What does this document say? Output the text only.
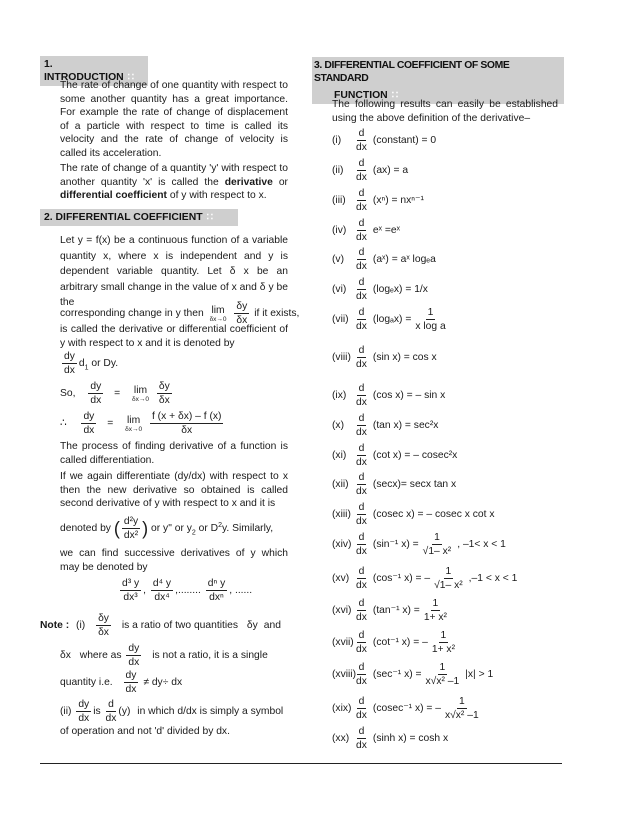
1. INTRODUCTION ∷
The rate of change of one quantity with respect to some another quantity has a great importance. For example the rate of change of displacement of a particle with respect to time is called its velocity and the rate of change of velocity is called its acceleration.
The rate of change of a quantity 'y' with respect to another quantity 'x' is called the derivative or differential coefficient of y with respect to x.
2. DIFFERENTIAL COEFFICIENT ∷
Let y = f(x) be a continuous function of a variable quantity x, where x is independent and y is dependent variable quantity. Let δ x be an arbitrary small change in the value of x and δ y be the
corresponding change in y then lim
δx→0
$\frac{\delta y}{\delta x}$ if it exists,
is called the derivative or differential coefficient of y with respect to x and it is denoted by
$\frac{dy}{dx} d_1$ or Dy.
So, $\frac{dy}{dx} = \lim$
δx→0
$\frac{\delta y}{\delta x}$
∴ $\frac{dy}{dx} = \lim$
δx→0
$\frac{f (x + \delta x) - f (x)}{\delta x}$
The process of finding derivative of a function is called differentiation.
If we again differentiate (dy/dx) with respect to x then the new derivative so obtained is called second derivative of y with respect to x and it is
denoted by ( $\frac{\text{d²y}}{\text{dx²}}$ ) or y" or $y_2$ or $D^2y$. Similarly,
we can find successive derivatives of y which may be denoted by
$\frac{\text{d³ y}}{\text{dx³}}$ , $\frac{\text{d⁴ y}}{\text{dx⁴}}$ ,........
dⁿ y
dxⁿ
, ......
Note : $(i) \frac{\delta y}{\delta x}$ is a ratio of two quantities δy and
δx where as $\frac{dy}{dx}$ is not a ratio, it is a single
quantity i.e. $\frac{dy}{dx} \ne dy\div$ dx
$(ii) \frac{dy}{dx}$ is $\frac{d}{dx} (y)$ in which d/dx is simply a symbol
of operation and not 'd' divided by dx.
3. DIFFERENTIAL COEFFICIENT OF SOME STANDARD
FUNCTION ∷
The following results can easily be established using the above definition of the derivative–
$(i) \frac{d}{dx}$ (constant) = 0
$(ii) \frac{d}{dx} (ax) = a$
$(iii) \frac{d}{dx} (x^n) = nx^{n-1}$
$(iv) \frac{d}{dx}$ eˣ =eˣ
$(v) \frac{d}{dx}$ (aˣ) = aˣ logₑa
$(vi) \frac{d}{dx} (\log_ex) = 1/x$
$(vii) \frac{d}{dx} (\log_ax) = \frac{1}{\text{x log a}}$
(viii) $\frac{d}{dx} (\sin$ x) = cos x
$(ix) \frac{d}{dx} (\cos$ x) = – sin x
$(x) \frac{d}{dx} (\tan$ x) = sec²x
$(xi) \frac{d}{dx} (\cot$ x) = – cosec²x
$(xii) \frac{d}{dx} (\sec x)= \sec x$ tan x
(xiii) $\frac{d}{dx} (cosec$ x) = – cosec x cot x
$(xiv) \frac{d}{dx} (\sin^{-1}$ $x) = \frac{1}{\text{√1– x²}}$ , –1< x < 1
$(xv) \frac{d}{dx} (\cos^{-1}$ x) = – $\frac{1}{\text{√1– x²}} ,-1 < x < 1$
$(xvi) \frac{d}{dx} (\tan^{-1}$ $x) = \frac{1}{\text{1+ x²}}$
(xvii) $\frac{d}{dx} (\cot^{-1}$ x) = – $\frac{1}{\text{1+ x²}}$
(xviii) $\frac{d}{dx} (\sec^{-1}$ $x) = \frac{1}{\text{x√x² –1}} |x| > 1$
$(xix) \frac{d}{dx} (cosec^{-1}$ x) = – $\frac{1}{\text{x√x² –1}}$
$(xx) \frac{d}{dx} (\sinh$ x) = cosh x
